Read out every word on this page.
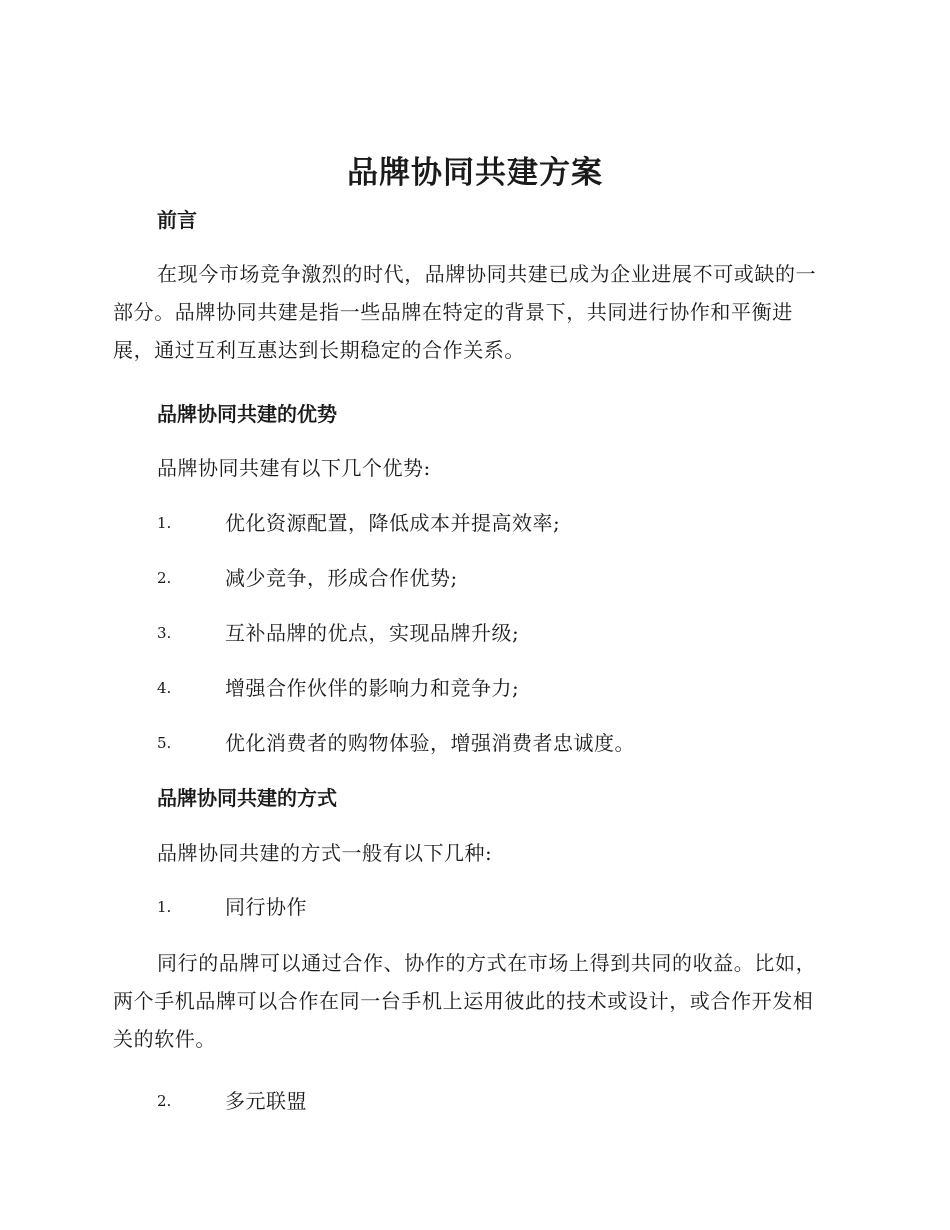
品牌协同共建方案
前言

在现今市场竞争激烈的时代，品牌协同共建已成为企业进展不可或缺的一部分。品牌协同共建是指一些品牌在特定的背景下，共同进行协作和平衡进展，通过互利互惠达到长期稳定的合作关系。

品牌协同共建的优势
品牌协同共建有以下几个优势:
1.	优化资源配置，降低成本并提高效率;
2.	减少竞争，形成合作优势;
3.	互补品牌的优点，实现品牌升级;
4.	增强合作伙伴的影响力和竞争力;
5.	优化消费者的购物体验，增强消费者忠诚度。
品牌协同共建的方式
品牌协同共建的方式一般有以下几种:
1.	同行协作

同行的品牌可以通过合作、协作的方式在市场上得到共同的收益。比如，两个手机品牌可以合作在同一台手机上运用彼此的技术或设计，或合作开发相关的软件。

2.	多元联盟
